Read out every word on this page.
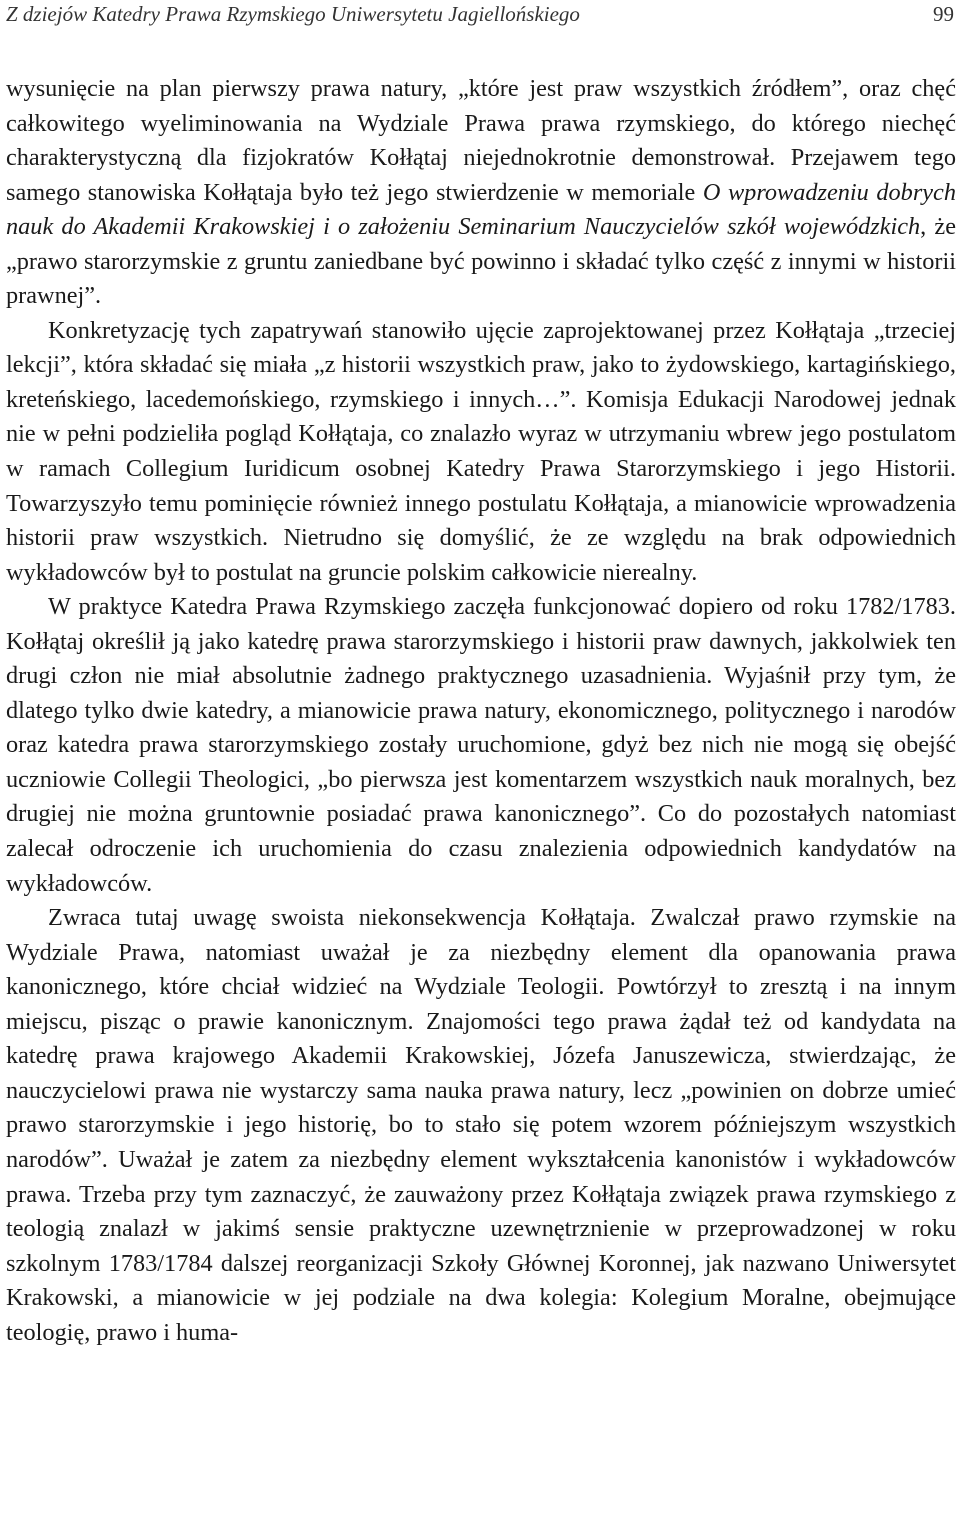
Z dziejów Katedry Prawa Rzymskiego Uniwersytetu Jagiellońskiego	99

wysunięcie na plan pierwszy prawa natury, „które jest praw wszystkich źródłem”, oraz chęć całkowitego wyeliminowania na Wydziale Prawa prawa rzymskiego, do którego niechęć charakterystyczną dla fizjokratów Kołłątaj niejednokrotnie demonstrował. Przejawem tego samego stanowiska Kołłątaja było też jego stwierdzenie w memoriale O wprowadzeniu dobrych nauk do Akademii Krakowskiej i o założeniu Seminarium Nauczycielów szkół wojewódzkich, że „prawo starorzymskie z gruntu zaniedbane być powinno i składać tylko część z innymi w historii prawnej”.

Konkretyzację tych zapatrywań stanowiło ujęcie zaprojektowanej przez Kołłątaja „trzeciej lekcji”, która składać się miała „z historii wszystkich praw, jako to żydowskiego, kartagińskiego, kreteńskiego, lacedemońskiego, rzymskiego i innych…”. Komisja Edukacji Narodowej jednak nie w pełni podzieliła pogląd Kołłątaja, co znalazło wyraz w utrzymaniu wbrew jego postulatom w ramach Collegium Iuridicum osobnej Katedry Prawa Starorzymskiego i jego Historii. Towarzyszyło temu pominięcie również innego postulatu Kołłątaja, a mianowicie wprowadzenia historii praw wszystkich. Nietrudno się domyślić, że ze względu na brak odpowiednich wykładowców był to postulat na gruncie polskim całkowicie nierealny.

W praktyce Katedra Prawa Rzymskiego zaczęła funkcjonować dopiero od roku 1782/1783. Kołłątaj określił ją jako katedrę prawa starorzymskiego i historii praw dawnych, jakkolwiek ten drugi człon nie miał absolutnie żadnego praktycznego uzasadnienia. Wyjaśnił przy tym, że dlatego tylko dwie katedry, a mianowicie prawa natury, ekonomicznego, politycznego i narodów oraz katedra prawa starorzymskiego zostały uruchomione, gdyż bez nich nie mogą się obejść uczniowie Collegii Theologici, „bo pierwsza jest komentarzem wszystkich nauk moralnych, bez drugiej nie można gruntownie posiadać prawa kanonicznego”. Co do pozostałych natomiast zalecał odroczenie ich uruchomienia do czasu znalezienia odpowiednich kandydatów na wykładowców.

Zwraca tutaj uwagę swoista niekonsekwencja Kołłątaja. Zwalczał prawo rzymskie na Wydziale Prawa, natomiast uważał je za niezbędny element dla opanowania prawa kanonicznego, które chciał widzieć na Wydziale Teologii. Powtórzył to zresztą i na innym miejscu, pisząc o prawie kanonicznym. Znajomości tego prawa żądał też od kandydata na katedrę prawa krajowego Akademii Krakowskiej, Józefa Januszewicza, stwierdzając, że nauczycielowi prawa nie wystarczy sama nauka prawa natury, lecz „powinien on dobrze umieć prawo starorzymskie i jego historię, bo to stało się potem wzorem późniejszym wszystkich narodów”. Uważał je zatem za niezbędny element wykształcenia kanonistów i wykładowców prawa. Trzeba przy tym zaznaczyć, że zauważony przez Kołłątaja związek prawa rzymskiego z teologią znalazł w jakimś sensie praktyczne uzewnętrznienie w przeprowadzonej w roku szkolnym 1783/1784 dalszej reorganizacji Szkoły Głównej Koronnej, jak nazwano Uniwersytet Krakowski, a mianowicie w jej podziale na dwa kolegia: Kolegium Moralne, obejmujące teologię, prawo i huma-
